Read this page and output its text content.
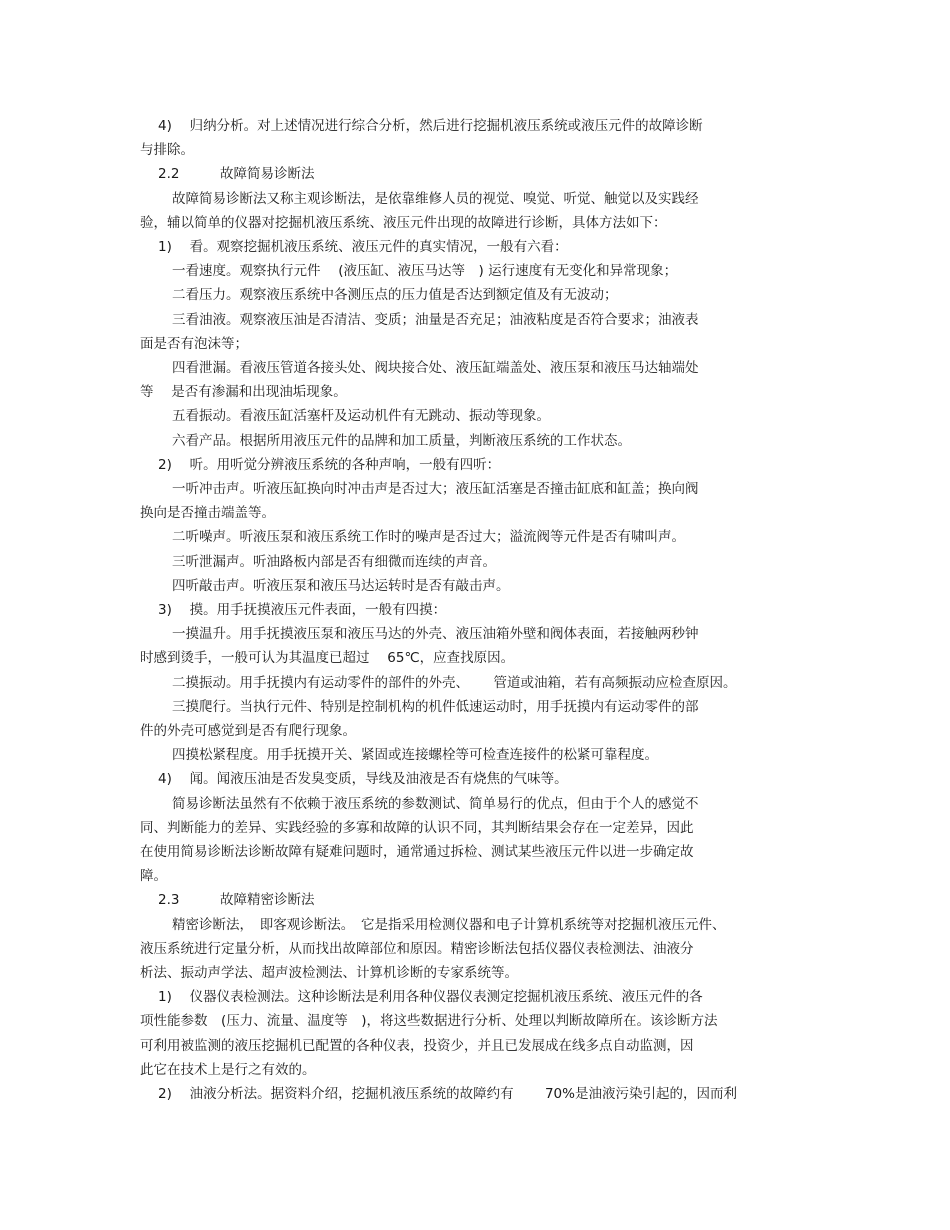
4)　 归纳分析。对上述情况进行综合分析，然后进行挖掘机液压系统或液压元件的故障诊断
与排除。
2.2　　　故障简易诊断法
故障简易诊断法又称主观诊断法，是依靠维修人员的视觉、嗅觉、听觉、触觉以及实践经
验，辅以简单的仪器对挖掘机液压系统、液压元件出现的故障进行诊断，具体方法如下：
1)　 看。观察挖掘机液压系统、液压元件的真实情况，一般有六看：
一看速度。观察执行元件　 (液压缸、液压马达等　) 运行速度有无变化和异常现象；
二看压力。观察液压系统中各测压点的压力值是否达到额定值及有无波动；
三看油液。观察液压油是否清洁、变质；油量是否充足；油液粘度是否符合要求；油液表
面是否有泡沫等；
四看泄漏。看液压管道各接头处、阀块接合处、液压缸端盖处、液压泵和液压马达轴端处
等　 是否有渗漏和出现油垢现象。
五看振动。看液压缸活塞杆及运动机件有无跳动、振动等现象。
六看产品。根据所用液压元件的品牌和加工质量，判断液压系统的工作状态。
2)　 听。用听觉分辨液压系统的各种声响，一般有四听：
一听冲击声。听液压缸换向时冲击声是否过大；液压缸活塞是否撞击缸底和缸盖；换向阀
换向是否撞击端盖等。
二听噪声。听液压泵和液压系统工作时的噪声是否过大；溢流阀等元件是否有啸叫声。
三听泄漏声。听油路板内部是否有细微而连续的声音。
四听敲击声。听液压泵和液压马达运转时是否有敲击声。
3)　 摸。用手抚摸液压元件表面，一般有四摸：
一摸温升。用手抚摸液压泵和液压马达的外壳、液压油箱外壁和阀体表面，若接触两秒钟
时感到烫手，一般可认为其温度已超过　 65℃，应查找原因。
二摸振动。用手抚摸内有运动零件的部件的外壳、　　 管道或油箱，若有高频振动应检查原因。
三摸爬行。当执行元件、特别是控制机构的机件低速运动时，用手抚摸内有运动零件的部
件的外壳可感觉到是否有爬行现象。
四摸松紧程度。用手抚摸开关、紧固或连接螺栓等可检查连接件的松紧可靠程度。
4)　 闻。闻液压油是否发臭变质，导线及油液是否有烧焦的气味等。
简易诊断法虽然有不依赖于液压系统的参数测试、简单易行的优点，但由于个人的感觉不
同、判断能力的差异、实践经验的多寡和故障的认识不同，其判断结果会存在一定差异，因此
在使用简易诊断法诊断故障有疑难问题时，通常通过拆检、测试某些液压元件以进一步确定故
障。
2.3　　　故障精密诊断法
精密诊断法，　即客观诊断法。　它是指采用检测仪器和电子计算机系统等对挖掘机液压元件、
液压系统进行定量分析，从而找出故障部位和原因。精密诊断法包括仪器仪表检测法、油液分
析法、振动声学法、超声波检测法、计算机诊断的专家系统等。
1)　 仪器仪表检测法。这种诊断法是利用各种仪器仪表测定挖掘机液压系统、液压元件的各
项性能参数　(压力、流量、温度等　)，将这些数据进行分析、处理以判断故障所在。该诊断方法
可利用被监测的液压挖掘机已配置的各种仪表，投资少，并且已发展成在线多点自动监测，因
此它在技术上是行之有效的。
2)　 油液分析法。据资料介绍，挖掘机液压系统的故障约有　　 70%是油液污染引起的，因而利
